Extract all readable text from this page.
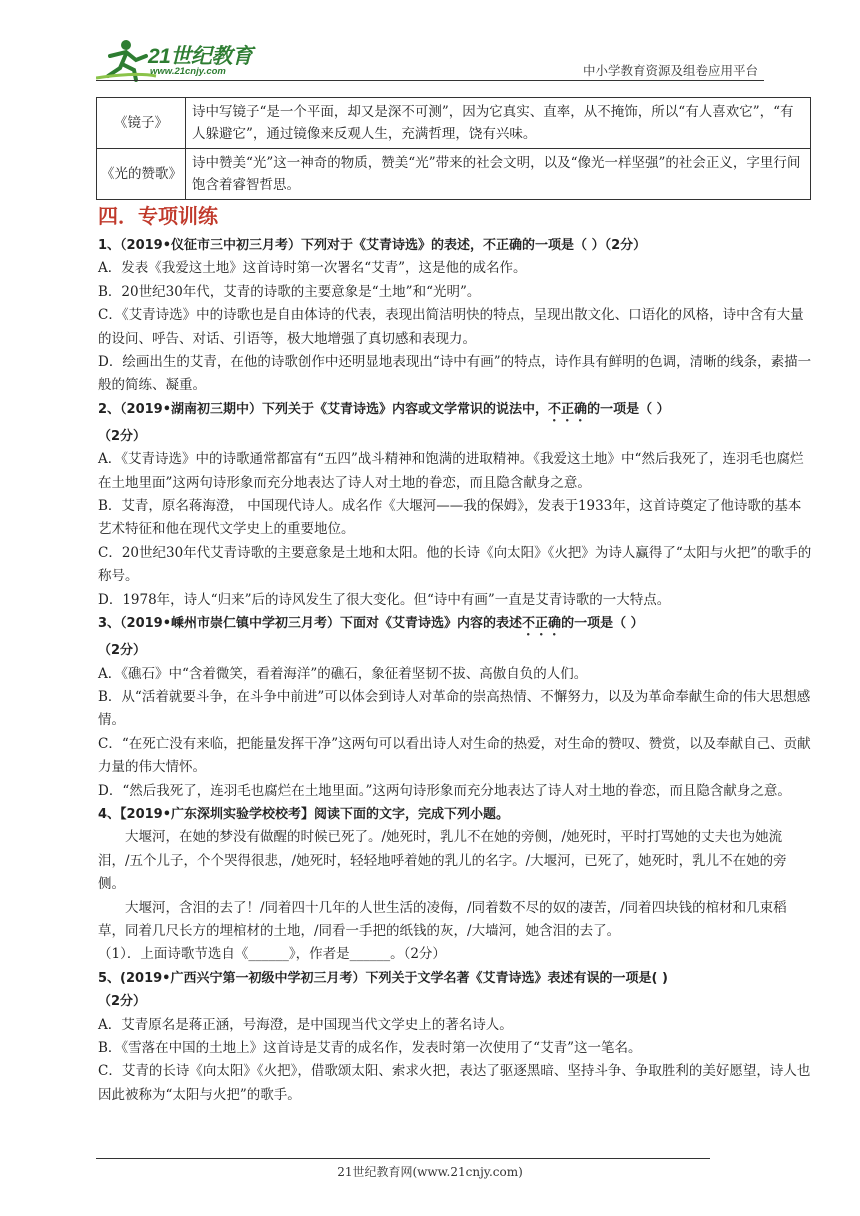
21世纪教育
www.21cnjy.com	中小学教育资源及组卷应用平台
《镜子》	诗中写镜子“是一个平面，却又是深不可测”，因为它真实、直率，从不掩饰，所以“有人喜欢它”，“有人躲避它”，通过镜像来反观人生，充满哲理，饶有兴味。
《光的赞歌》	诗中赞美“光”这一神奇的物质，赞美“光”带来的社会文明，以及“像光一样坚强”的社会正义，字里行间饱含着睿智哲思。
四．专项训练

1、（2019•仪征市三中初三月考）下列对于《艾青诗选》的表述，不正确的一项是（ ）（2分）

A．发表《我爱这土地》这首诗时第一次署名“艾青”，这是他的成名作。

B．20世纪30年代，艾青的诗歌的主要意象是“土地”和“光明”。

C．《艾青诗选》中的诗歌也是自由体诗的代表，表现出简洁明快的特点，呈现出散文化、口语化的风格，诗中含有大量的设问、呼告、对话、引语等，极大地增强了真切感和表现力。

D．绘画出生的艾青，在他的诗歌创作中还明显地表现出“诗中有画”的特点，诗作具有鲜明的色调，清晰的线条，素描一般的简练、凝重。

2、（2019•湖南初三期中）下列关于《艾青诗选》内容或文学常识的说法中，不正确的一项是（ ）

（2分）

A．《艾青诗选》中的诗歌通常都富有“五四”战斗精神和饱满的进取精神。《我爱这土地》中“然后我死了，连羽毛也腐烂在土地里面”这两句诗形象而充分地表达了诗人对土地的眷恋，而且隐含献身之意。

B．艾青，原名蒋海澄， 中国现代诗人。成名作《大堰河——我的保姆》，发表于1933年，这首诗奠定了他诗歌的基本艺术特征和他在现代文学史上的重要地位。

C．20世纪30年代艾青诗歌的主要意象是土地和太阳。他的长诗《向太阳》《火把》为诗人赢得了“太阳与火把”的歌手的称号。

D．1978年，诗人“归来”后的诗风发生了很大变化。但“诗中有画”一直是艾青诗歌的一大特点。

3、（2019•嵊州市崇仁镇中学初三月考）下面对《艾青诗选》内容的表述不正确的一项是（ ）

（2分）

A．《礁石》中“含着微笑，看着海洋”的礁石，象征着坚韧不拔、高傲自负的人们。

B．从“活着就要斗争，在斗争中前进”可以体会到诗人对革命的崇高热情、不懈努力，以及为革命奉献生命的伟大思想感情。

C．“在死亡没有来临，把能量发挥干净”这两句可以看出诗人对生命的热爱，对生命的赞叹、赞赏，以及奉献自己、贡献力量的伟大情怀。

D．“然后我死了，连羽毛也腐烂在土地里面。”这两句诗形象而充分地表达了诗人对土地的眷恋，而且隐含献身之意。

4、【2019•广东深圳实验学校校考】阅读下面的文字，完成下列小题。

大堰河，在她的梦没有做醒的时候已死了。/她死时，乳儿不在她的旁侧，/她死时，平时打骂她的丈夫也为她流泪，/五个儿子，个个哭得很悲，/她死时，轻轻地呼着她的乳儿的名字。/大堰河，已死了，她死时，乳儿不在她的旁侧。

大堰河，含泪的去了！/同着四十几年的人世生活的凌侮，/同着数不尽的奴的凄苦，/同着四块钱的棺材和几束稻草，同着几尺长方的埋棺材的土地，/同看一手把的纸钱的灰，/大墙河，她含泪的去了。

（1）．上面诗歌节选自《______》，作者是______。（2分）

5、(2019•广西兴宁第一初级中学初三月考）下列关于文学名著《艾青诗选》表述有误的一项是( )

（2分）

A．艾青原名是蒋正涵，号海澄，是中国现当代文学史上的著名诗人。

B．《雪落在中国的土地上》这首诗是艾青的成名作，发表时第一次使用了“艾青”这一笔名。

C．艾青的长诗《向太阳》《火把》，借歌颂太阳、索求火把，表达了驱逐黑暗、坚持斗争、争取胜利的美好愿望，诗人也因此被称为“太阳与火把”的歌手。

21世纪教育网(www.21cnjy.com)
